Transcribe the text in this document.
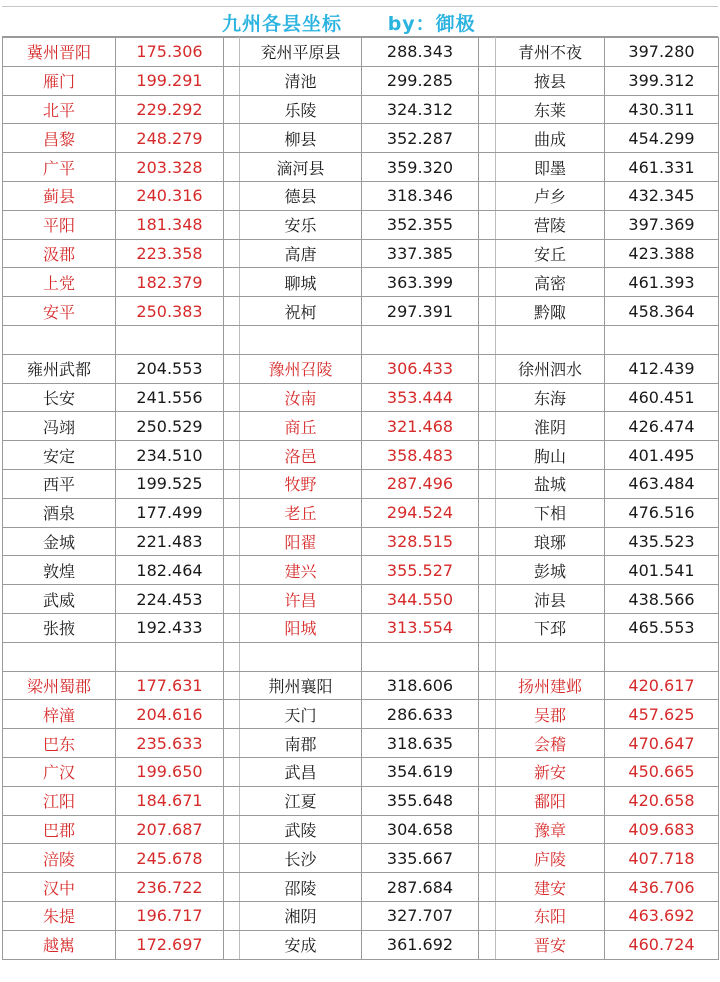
九州各县坐标      by：御极
冀州晋阳	175.306		兖州平原县	288.343		青州不夜	397.280
雁门	199.291		清池	299.285		掖县	399.312
北平	229.292		乐陵	324.312		东莱	430.311
昌黎	248.279		柳县	352.287		曲成	454.299
广平	203.328		滴河县	359.320		即墨	461.331
蓟县	240.316		德县	318.346		卢乡	432.345
平阳	181.348		安乐	352.355		营陵	397.369
汲郡	223.358		高唐	337.385		安丘	423.388
上党	182.379		聊城	363.399		高密	461.393
安平	250.383		祝柯	297.391		黔陬	458.364

雍州武都	204.553		豫州召陵	306.433		徐州泗水	412.439
长安	241.556		汝南	353.444		东海	460.451
冯翊	250.529		商丘	321.468		淮阴	426.474
安定	234.510		洛邑	358.483		朐山	401.495
西平	199.525		牧野	287.496		盐城	463.484
酒泉	177.499		老丘	294.524		下相	476.516
金城	221.483		阳翟	328.515		琅琊	435.523
敦煌	182.464		建兴	355.527		彭城	401.541
武威	224.453		许昌	344.550		沛县	438.566
张掖	192.433		阳城	313.554		下邳	465.553

梁州蜀郡	177.631		荆州襄阳	318.606		扬州建邺	420.617
梓潼	204.616		天门	286.633		吴郡	457.625
巴东	235.633		南郡	318.635		会稽	470.647
广汉	199.650		武昌	354.619		新安	450.665
江阳	184.671		江夏	355.648		鄱阳	420.658
巴郡	207.687		武陵	304.658		豫章	409.683
涪陵	245.678		长沙	335.667		庐陵	407.718
汉中	236.722		邵陵	287.684		建安	436.706
朱提	196.717		湘阴	327.707		东阳	463.692
越嶲	172.697		安成	361.692		晋安	460.724
